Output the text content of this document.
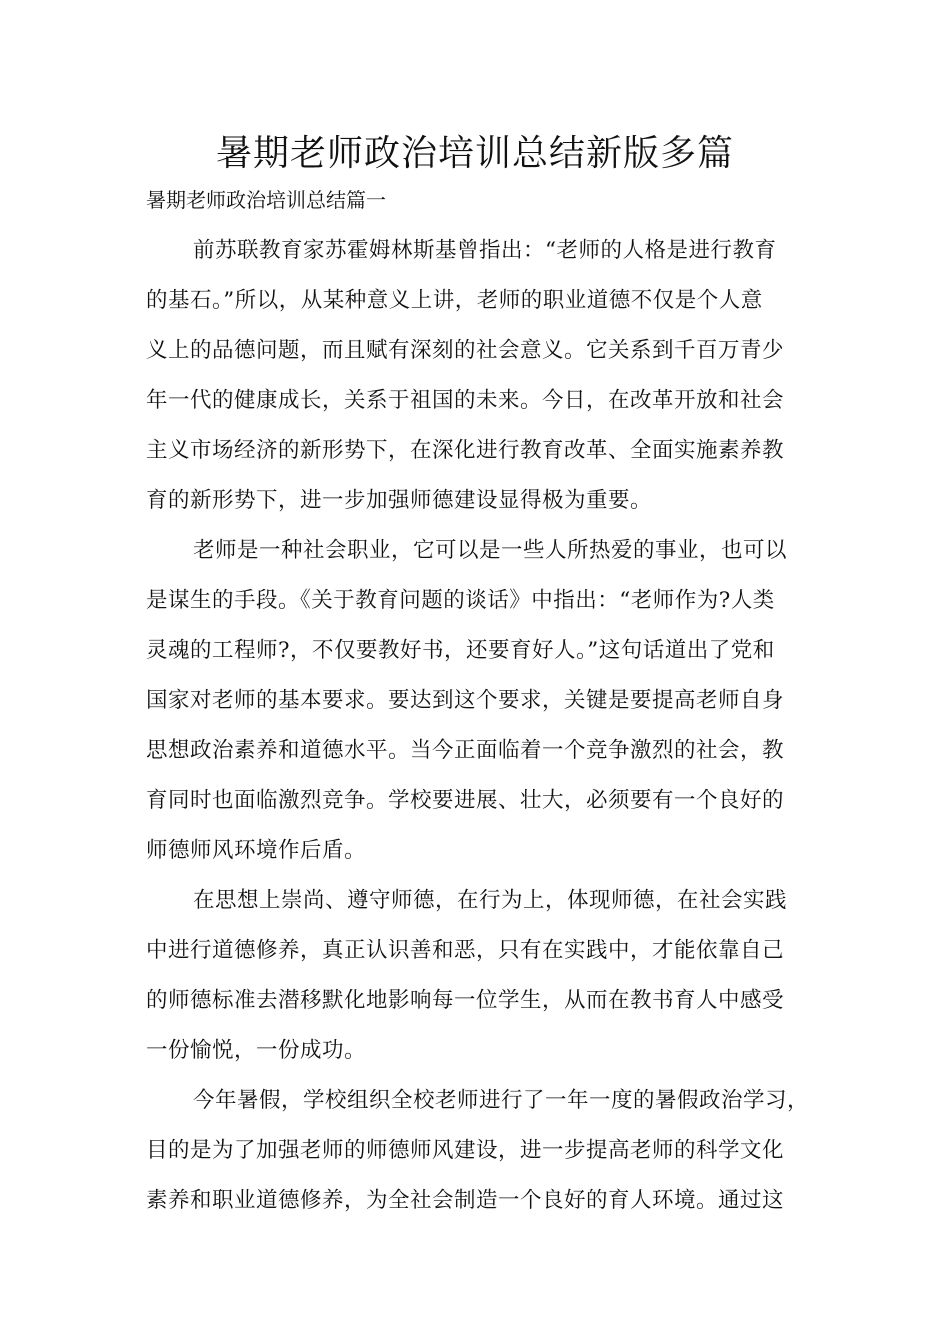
暑期老师政治培训总结新版多篇
暑期老师政治培训总结篇一
前苏联教育家苏霍姆林斯基曾指出：“老师的人格是进行教育
的基石。”所以，从某种意义上讲，老师的职业道德不仅是个人意
义上的品德问题，而且赋有深刻的社会意义。它关系到千百万青少
年一代的健康成长，关系于祖国的未来。今日，在改革开放和社会
主义市场经济的新形势下，在深化进行教育改革、全面实施素养教
育的新形势下，进一步加强师德建设显得极为重要。
老师是一种社会职业，它可以是一些人所热爱的事业，也可以
是谋生的手段。《关于教育问题的谈话》中指出：“老师作为?人类
灵魂的工程师?，不仅要教好书，还要育好人。”这句话道出了党和
国家对老师的基本要求。要达到这个要求，关键是要提高老师自身
思想政治素养和道德水平。当今正面临着一个竞争激烈的社会，教
育同时也面临激烈竞争。学校要进展、壮大，必须要有一个良好的
师德师风环境作后盾。
在思想上崇尚、遵守师德，在行为上，体现师德，在社会实践
中进行道德修养，真正认识善和恶，只有在实践中，才能依靠自己
的师德标准去潜移默化地影响每一位学生，从而在教书育人中感受
一份愉悦，一份成功。
今年暑假，学校组织全校老师进行了一年一度的暑假政治学习，
目的是为了加强老师的师德师风建设，进一步提高老师的科学文化
素养和职业道德修养，为全社会制造一个良好的育人环境。通过这
